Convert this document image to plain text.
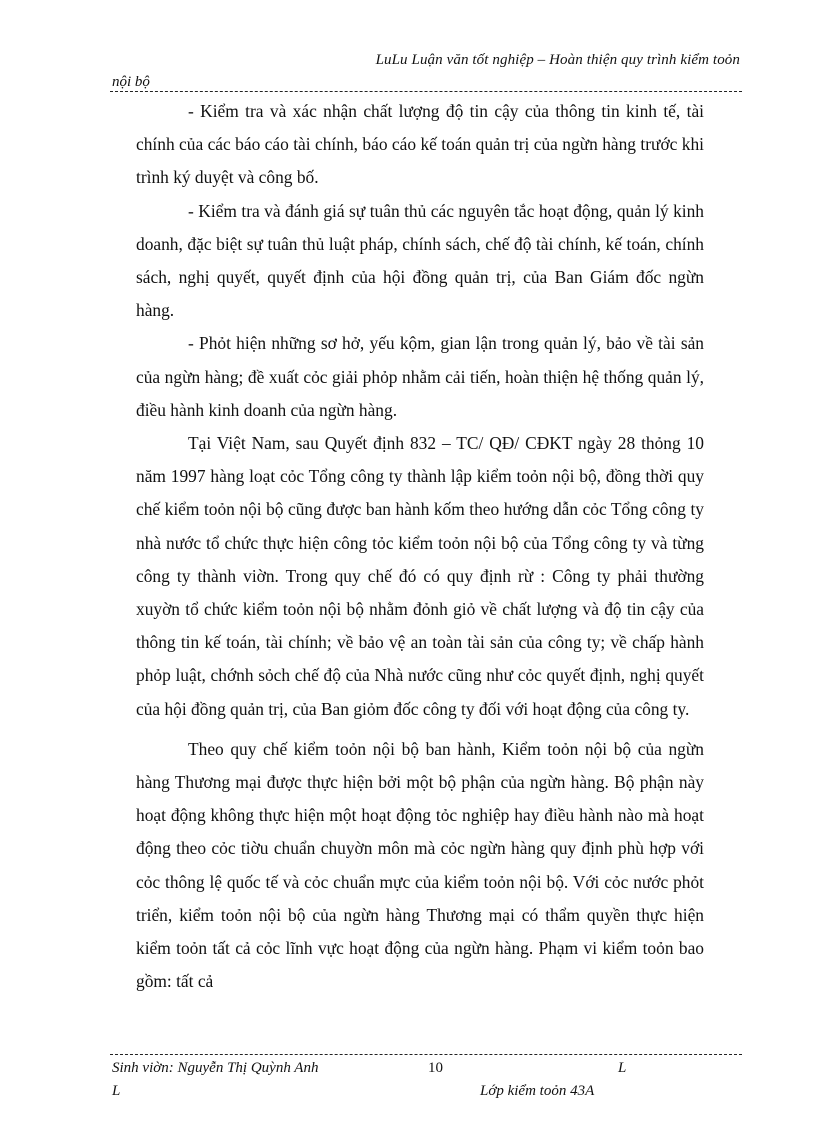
LuLu Luận văn tốt nghiệp – Hoàn thiện quy trình kiểm toỏn
nội bộ

- Kiểm tra và xác nhận chất lượng độ tin cậy của thông tin kinh tế, tài chính của các báo cáo tài chính, báo cáo kế toán quản trị của ngừn hàng trước khi trình ký duyệt và công bố.

- Kiểm tra và đánh giá sự tuân thủ các nguyên tắc hoạt động, quản lý kinh doanh, đặc biệt sự tuân thủ luật pháp, chính sách, chế độ tài chính, kế toán, chính sách, nghị quyết, quyết định của hội đồng quản trị, của Ban Giám đốc ngừn hàng.

- Phỏt hiện những sơ hở, yếu kộm, gian lận trong quản lý, bảo về tài sản của ngừn hàng; đề xuất cỏc giải phỏp nhằm cải tiến, hoàn thiện hệ thống quản lý, điều hành kinh doanh của ngừn hàng.

Tại Việt Nam, sau Quyết định 832 – TC/ QĐ/ CĐKT ngày 28 thỏng 10 năm 1997 hàng loạt cỏc Tổng công ty thành lập kiểm toỏn nội bộ, đồng thời quy chế kiểm toỏn nội bộ cũng được ban hành kốm theo hướng dẫn cỏc Tổng công ty nhà nước tổ chức thực hiện công tỏc kiểm toỏn nội bộ của Tổng công ty và từng công ty thành viờn. Trong quy chế đó có quy định rừ : Công ty phải thường xuyờn tổ chức kiểm toỏn nội bộ nhằm đỏnh giỏ về chất lượng và độ tin cậy của thông tin kế toán, tài chính; về bảo vệ an toàn tài sản của công ty; về chấp hành phỏp luật, chớnh sỏch chế độ của Nhà nước cũng như cỏc quyết định, nghị quyết của hội đồng quản trị, của Ban giỏm đốc công ty đối với hoạt động của công ty.

Theo quy chế kiểm toỏn nội bộ ban hành, Kiểm toỏn nội bộ của ngừn hàng Thương mại được thực hiện bởi một bộ phận của ngừn hàng. Bộ phận này hoạt động không thực hiện một hoạt động tỏc nghiệp hay điều hành nào mà hoạt động theo cỏc tiờu chuẩn chuyờn môn mà cỏc ngừn hàng quy định phù hợp với cỏc thông lệ quốc tế và cỏc chuẩn mực của kiểm toỏn nội bộ. Với cỏc nước phỏt triển, kiểm toỏn nội bộ của ngừn hàng Thương mại có thẩm quyền thực hiện kiểm toỏn tất cả cỏc lĩnh vực hoạt động của ngừn hàng. Phạm vi kiểm toỏn bao gồm: tất cả

Sinh viờn: Nguyễn Thị Quỳnh Anh
L
10	L
Lớp kiểm toỏn 43A
